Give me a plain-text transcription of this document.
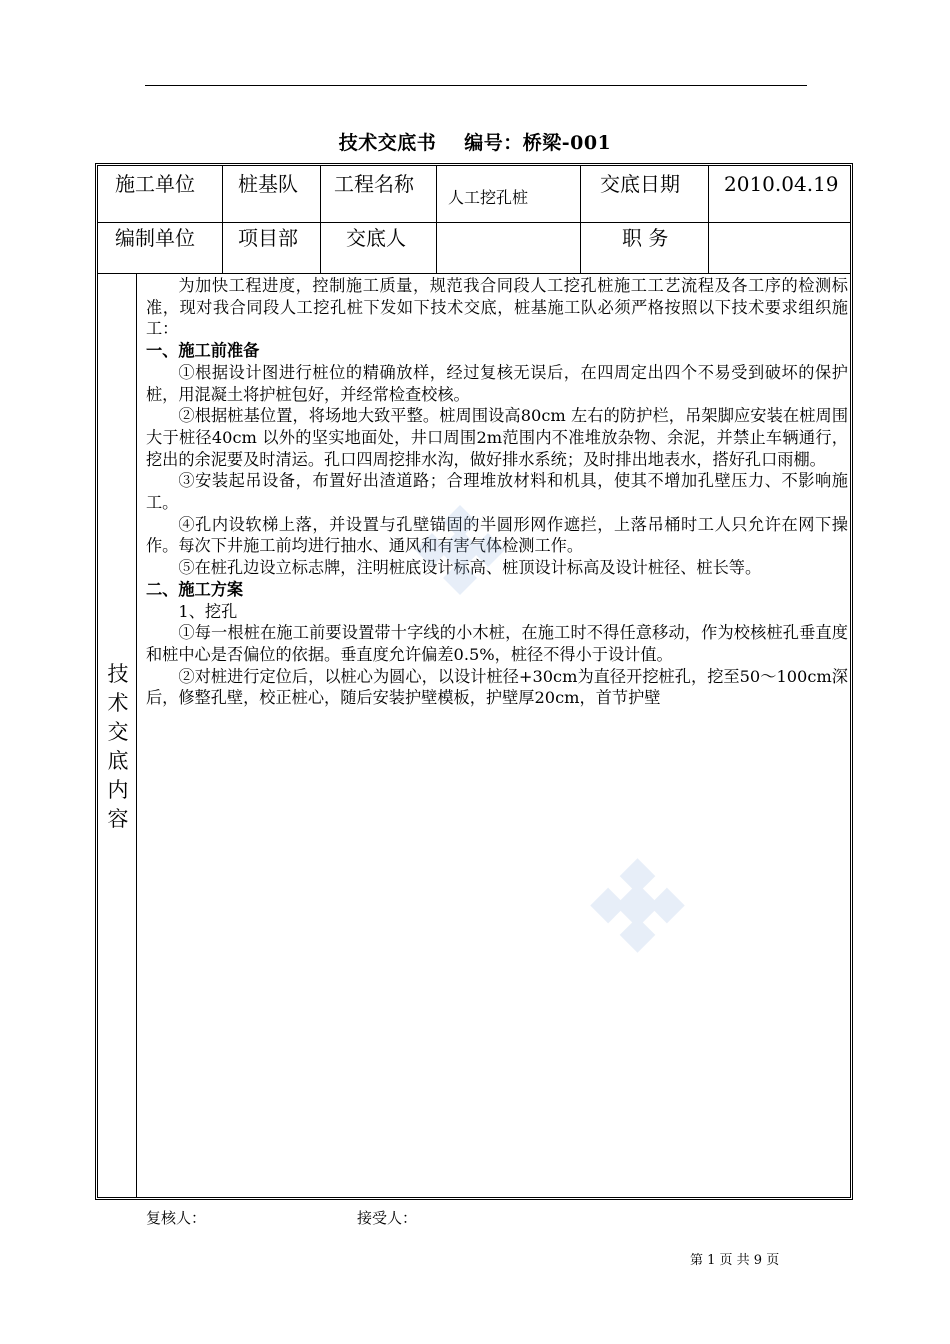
技术交底书 编号：桥梁-001
施工单位 桩基队 工程名称
人工挖孔桩
交底日期 2010.04.19
编制单位 项目部 交底人	职 务
技
术
交
底
内
容

为加快工程进度，控制施工质量，规范我合同段人工挖孔桩施工工艺流程及各工序的检测标准，现对我合同段人工挖孔桩下发如下技术交底，桩基施工队必须严格按照以下技术要求组织施工：

一、施工前准备

①根据设计图进行桩位的精确放样，经过复核无误后，在四周定出四个不易受到破坏的保护桩，用混凝土将护桩包好，并经常检查校核。

②根据桩基位置，将场地大致平整。桩周围设高80cm 左右的防护栏，吊架脚应安装在桩周围大于桩径40cm 以外的坚实地面处，井口周围2m范围内不准堆放杂物、余泥，并禁止车辆通行，挖出的余泥要及时清运。孔口四周挖排水沟，做好排水系统；及时排出地表水，搭好孔口雨棚。

③安装起吊设备，布置好出渣道路；合理堆放材料和机具，使其不增加孔壁压力、不影响施工。

④孔内设软梯上落，并设置与孔壁锚固的半圆形网作遮拦，上落吊桶时工人只允许在网下操作。每次下井施工前均进行抽水、通风和有害气体检测工作。

⑤在桩孔边设立标志牌，注明桩底设计标高、桩顶设计标高及设计桩径、桩长等。

二、施工方案

1、挖孔

①每一根桩在施工前要设置带十字线的小木桩，在施工时不得任意移动，作为校核桩孔垂直度和桩中心是否偏位的依据。垂直度允许偏差0.5%，桩径不得小于设计值。

②对桩进行定位后，以桩心为圆心，以设计桩径+30cm为直径开挖桩孔，挖至50～100cm深后，修整孔壁，校正桩心，随后安装护壁模板，护壁厚20cm，首节护壁

复核人：	接受人：
第 1 页 共 9 页
